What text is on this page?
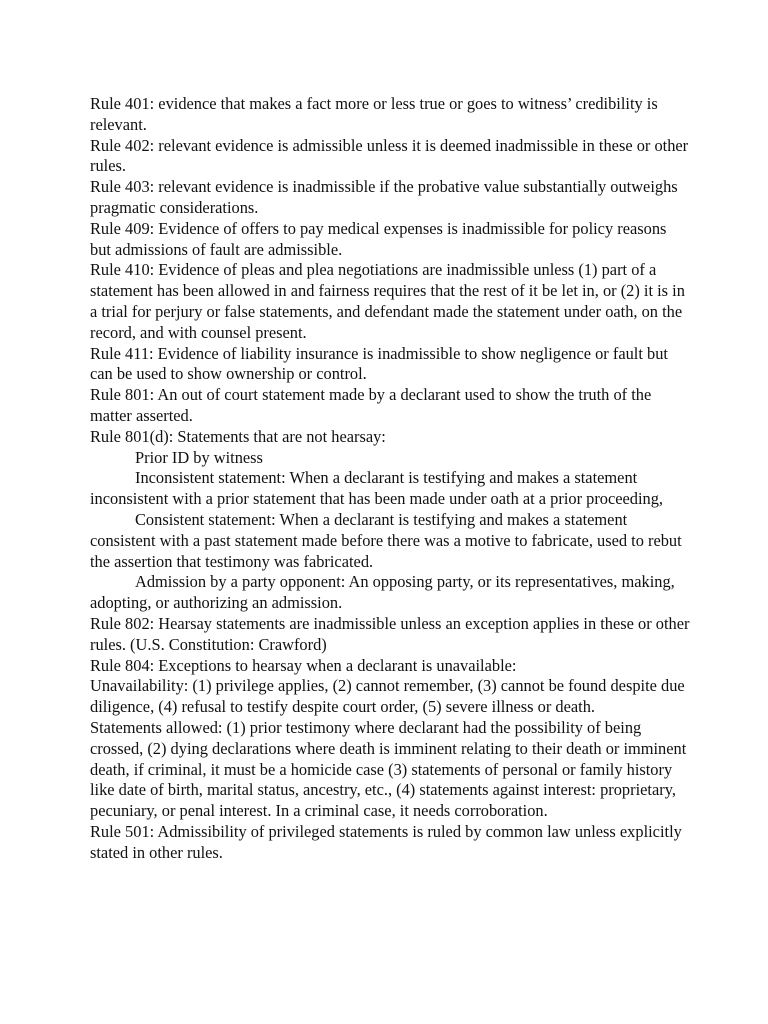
Rule 401: evidence that makes a fact more or less true or goes to witness’ credibility is relevant.

Rule 402: relevant evidence is admissible unless it is deemed inadmissible in these or other rules.

Rule 403: relevant evidence is inadmissible if the probative value substantially outweighs pragmatic considerations.

Rule 409: Evidence of offers to pay medical expenses is inadmissible for policy reasons but admissions of fault are admissible.

Rule 410: Evidence of pleas and plea negotiations are inadmissible unless (1) part of a statement has been allowed in and fairness requires that the rest of it be let in, or (2) it is in a trial for perjury or false statements, and defendant made the statement under oath, on the record, and with counsel present.

Rule 411: Evidence of liability insurance is inadmissible to show negligence or fault but can be used to show ownership or control.

Rule 801: An out of court statement made by a declarant used to show the truth of the matter asserted.

Rule 801(d): Statements that are not hearsay:

Prior ID by witness

Inconsistent statement: When a declarant is testifying and makes a statement inconsistent with a prior statement that has been made under oath at a prior proceeding,

Consistent statement: When a declarant is testifying and makes a statement consistent with a past statement made before there was a motive to fabricate, used to rebut the assertion that testimony was fabricated.

Admission by a party opponent: An opposing party, or its representatives, making, adopting, or authorizing an admission.

Rule 802: Hearsay statements are inadmissible unless an exception applies in these or other rules. (U.S. Constitution: Crawford)

Rule 804: Exceptions to hearsay when a declarant is unavailable:

Unavailability: (1) privilege applies, (2) cannot remember, (3) cannot be found despite due diligence, (4) refusal to testify despite court order, (5) severe illness or death.

Statements allowed: (1) prior testimony where declarant had the possibility of being crossed, (2) dying declarations where death is imminent relating to their death or imminent death, if criminal, it must be a homicide case (3) statements of personal or family history like date of birth, marital status, ancestry, etc., (4) statements against interest: proprietary, pecuniary, or penal interest. In a criminal case, it needs corroboration.

Rule 501: Admissibility of privileged statements is ruled by common law unless explicitly stated in other rules.
